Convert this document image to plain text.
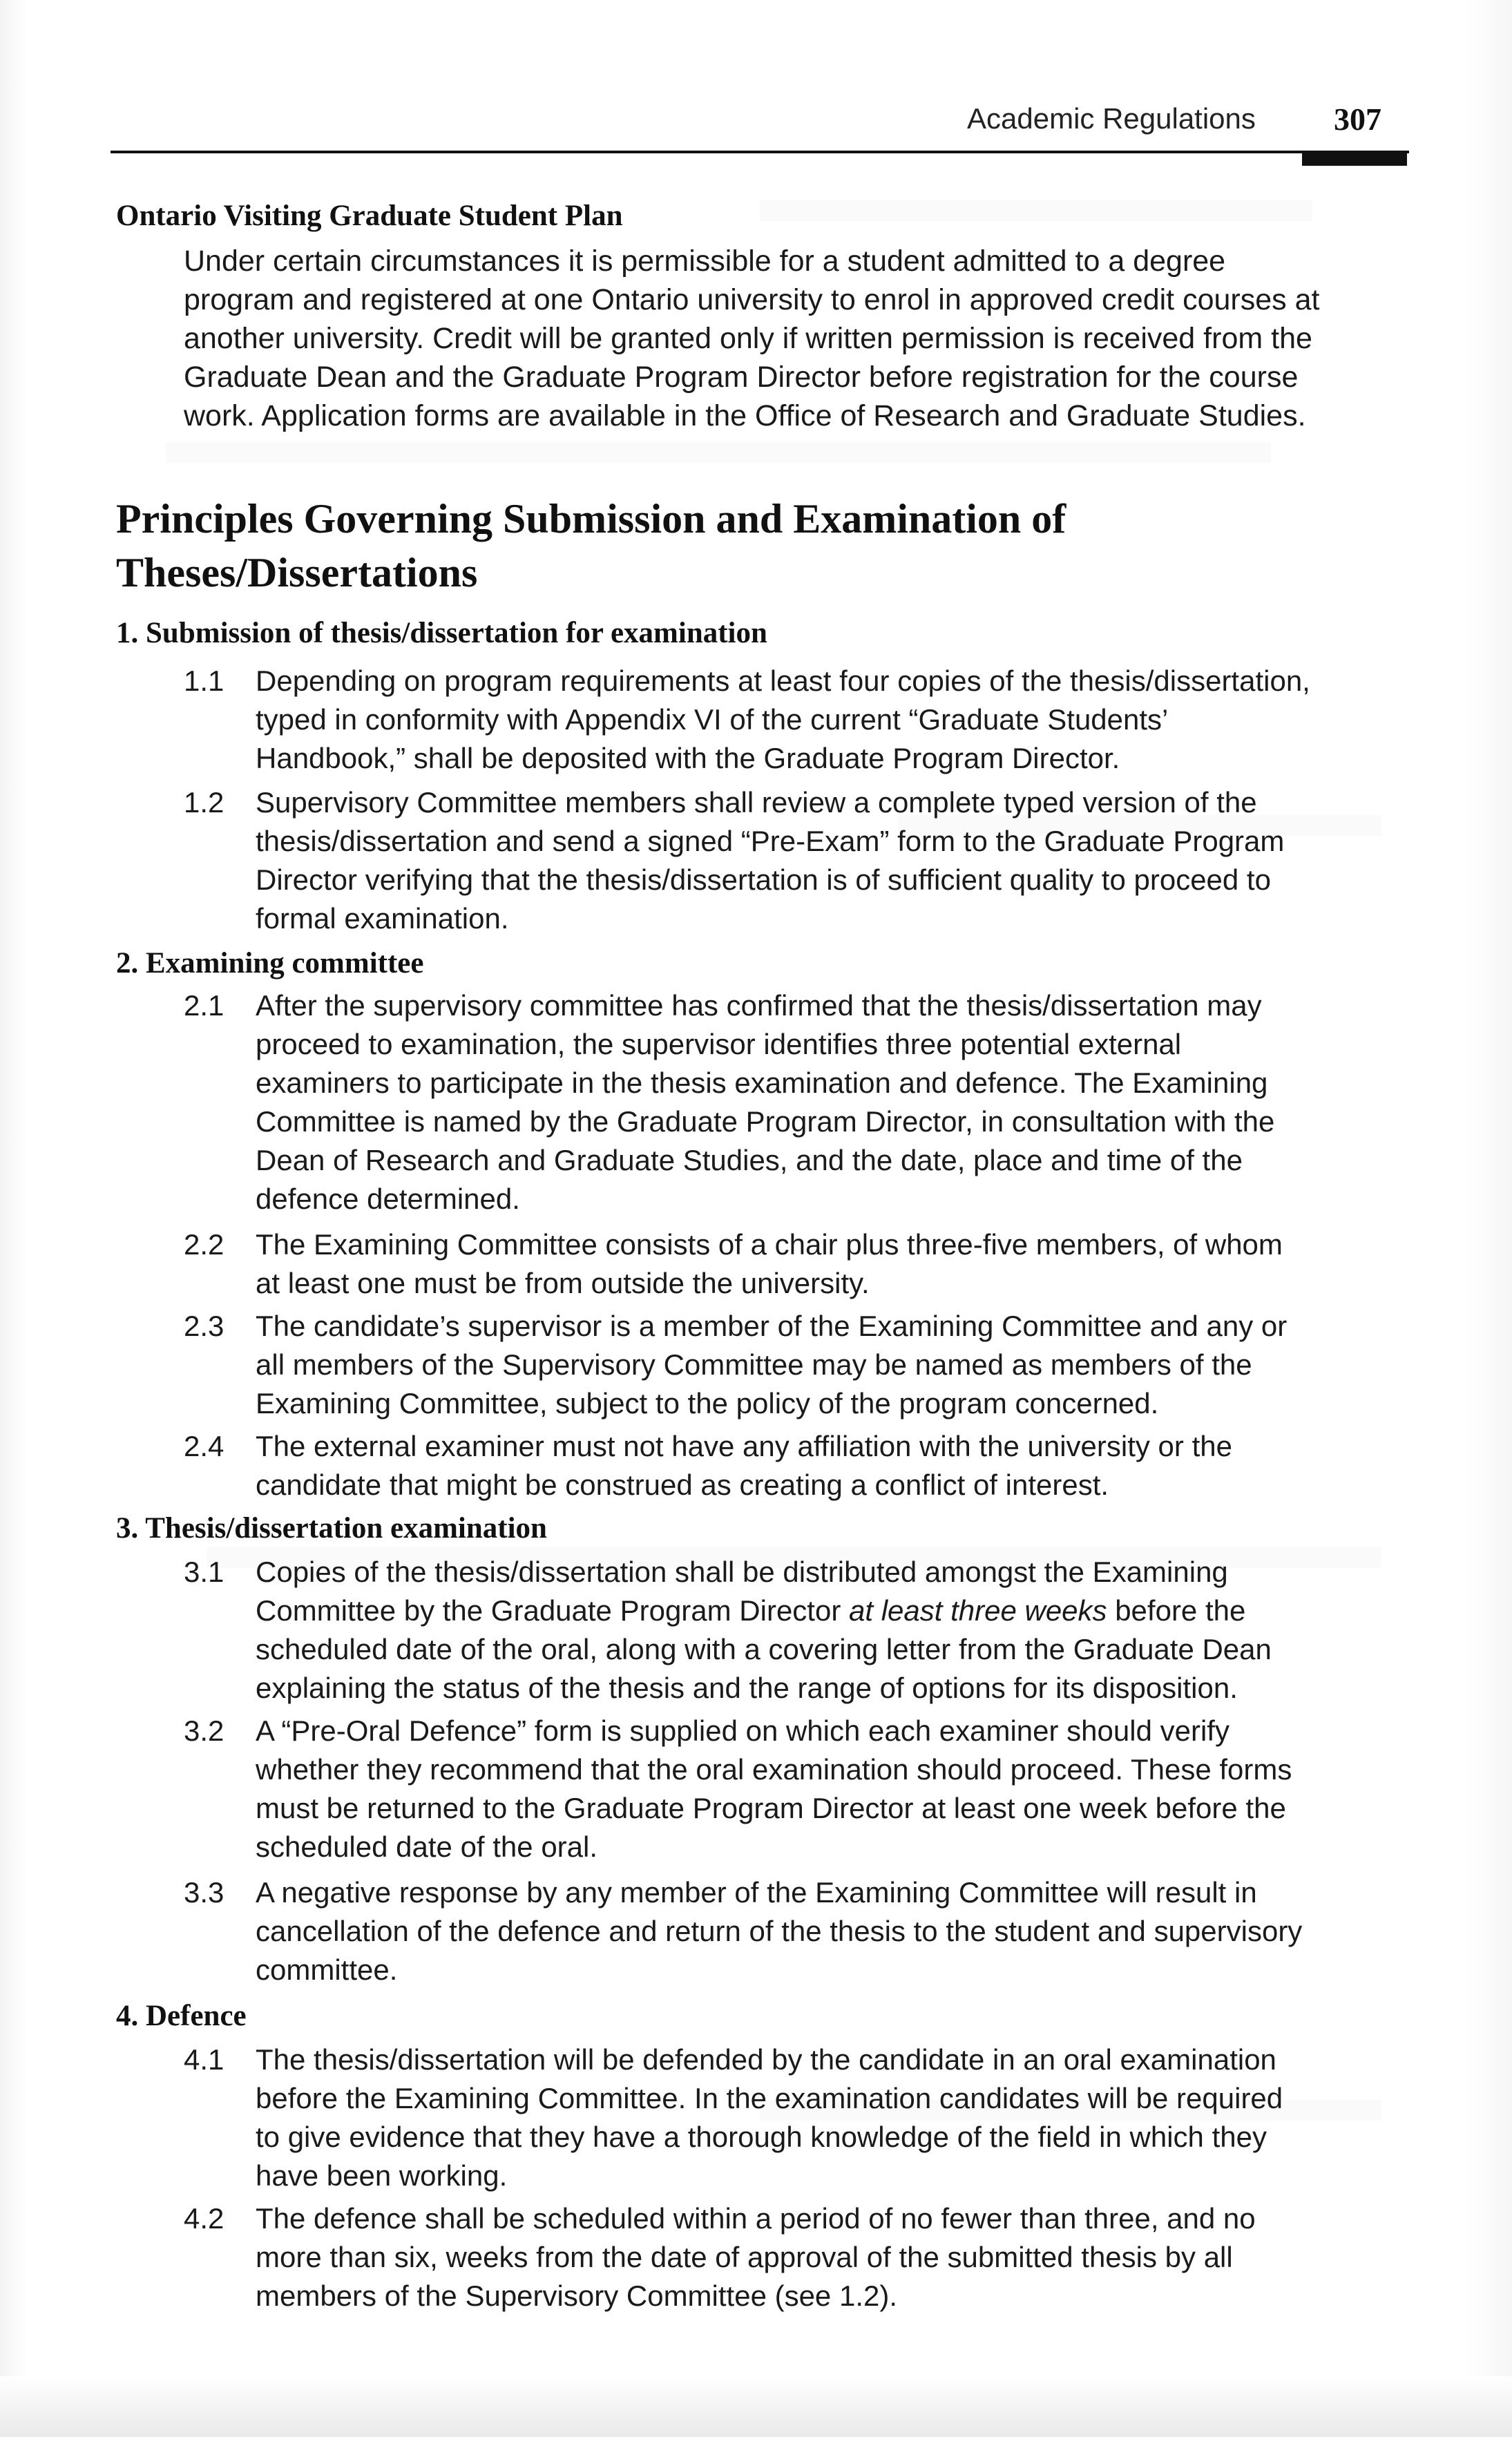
Academic Regulations 307
Ontario Visiting Graduate Student Plan
Under certain circumstances it is permissible for a student admitted to a degree
program and registered at one Ontario university to enrol in approved credit courses at
another university. Credit will be granted only if written permission is received from the
Graduate Dean and the Graduate Program Director before registration for the course
work. Application forms are available in the Office of Research and Graduate Studies.
Principles Governing Submission and Examination of
Theses/Dissertations
1. Submission of thesis/dissertation for examination
1.1	Depending on program requirements at least four copies of the thesis/dissertation,
typed in conformity with Appendix VI of the current “Graduate Students’
Handbook,” shall be deposited with the Graduate Program Director.
1.2	Supervisory Committee members shall review a complete typed version of the
thesis/dissertation and send a signed “Pre-Exam” form to the Graduate Program
Director verifying that the thesis/dissertation is of sufficient quality to proceed to
formal examination.
2. Examining committee
2.1	After the supervisory committee has confirmed that the thesis/dissertation may
proceed to examination, the supervisor identifies three potential external
examiners to participate in the thesis examination and defence. The Examining
Committee is named by the Graduate Program Director, in consultation with the
Dean of Research and Graduate Studies, and the date, place and time of the
defence determined.
2.2	The Examining Committee consists of a chair plus three-five members, of whom
at least one must be from outside the university.
2.3	The candidate’s supervisor is a member of the Examining Committee and any or
all members of the Supervisory Committee may be named as members of the
Examining Committee, subject to the policy of the program concerned.
2.4	The external examiner must not have any affiliation with the university or the
candidate that might be construed as creating a conflict of interest.
3. Thesis/dissertation examination
3.1	Copies of the thesis/dissertation shall be distributed amongst the Examining
Committee by the Graduate Program Director at least three weeks before the
scheduled date of the oral, along with a covering letter from the Graduate Dean
explaining the status of the thesis and the range of options for its disposition.
3.2	A “Pre-Oral Defence” form is supplied on which each examiner should verify
whether they recommend that the oral examination should proceed. These forms
must be returned to the Graduate Program Director at least one week before the
scheduled date of the oral.
3.3	A negative response by any member of the Examining Committee will result in
cancellation of the defence and return of the thesis to the student and supervisory
committee.
4. Defence
4.1	The thesis/dissertation will be defended by the candidate in an oral examination
before the Examining Committee. In the examination candidates will be required
to give evidence that they have a thorough knowledge of the field in which they
have been working.
4.2	The defence shall be scheduled within a period of no fewer than three, and no
more than six, weeks from the date of approval of the submitted thesis by all
members of the Supervisory Committee (see 1.2).
